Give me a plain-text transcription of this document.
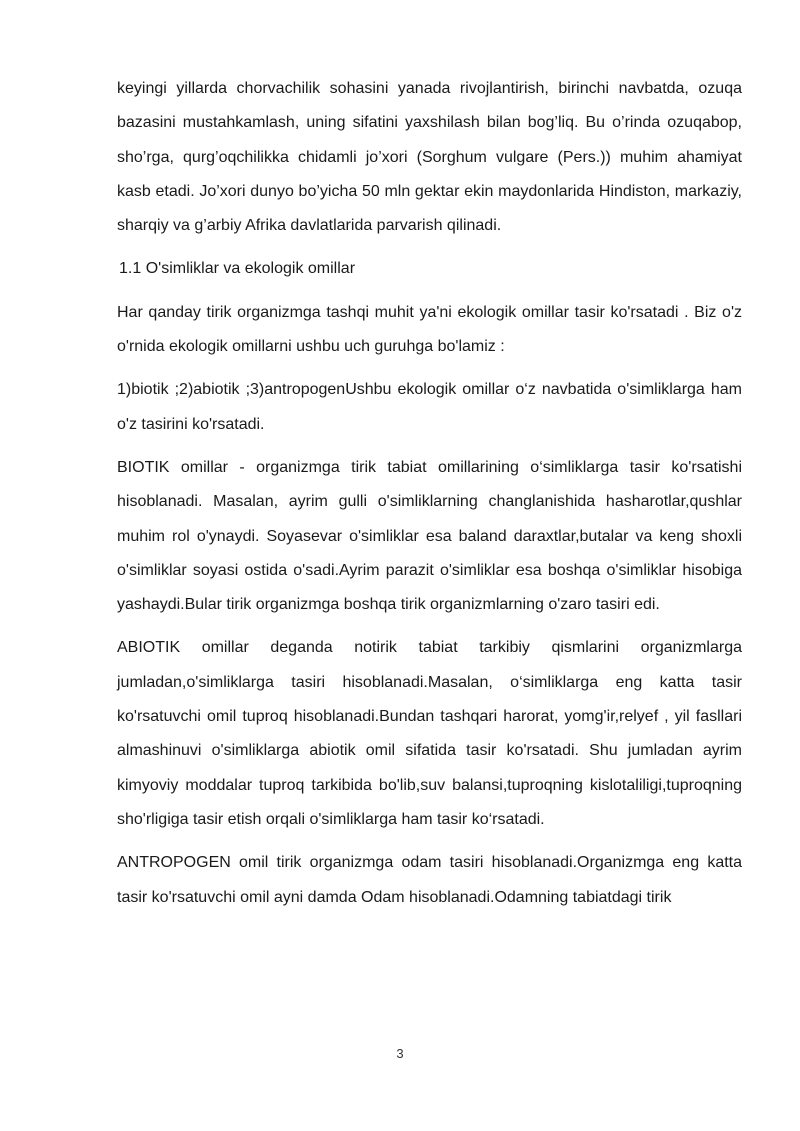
keyingi yillarda chorvachilik sohasini yanada rivojlantirish, birinchi navbatda, ozuqa bazasini mustahkamlash, uning sifatini yaxshilash bilan bog’liq. Bu o’rinda ozuqabop, sho’rga, qurg’oqchilikka chidamli jo’xori (Sorghum vulgare (Pers.)) muhim ahamiyat kasb etadi. Jo’xori dunyo bo’yicha 50 mln gektar ekin maydonlarida Hindiston, markaziy, sharqiy va g’arbiy Afrika davlatlarida parvarish qilinadi.

1.1 O'simliklar va ekologik omillar

Har qanday tirik organizmga tashqi muhit ya'ni ekologik omillar tasir ko'rsatadi . Biz o'z o'rnida ekologik omillarni ushbu uch guruhga bo'lamiz :

1)biotik ;2)abiotik ;3)antropogenUshbu ekologik omillar o‘z navbatida o'simliklarga ham o'z tasirini ko'rsatadi.

BIOTIK omillar - organizmga tirik tabiat omillarining o‘simliklarga tasir ko'rsatishi hisoblanadi. Masalan, ayrim gulli o'simliklarning changlanishida hasharotlar,qushlar muhim rol o'ynaydi. Soyasevar o'simliklar esa baland daraxtlar,butalar va keng shoxli o'simliklar soyasi ostida o'sadi.Ayrim parazit o'simliklar esa boshqa o'simliklar hisobiga yashaydi.Bular tirik organizmga boshqa tirik organizmlarning o'zaro tasiri edi.

ABIOTIK omillar deganda notirik tabiat tarkibiy qismlarini organizmlarga jumladan,o'simliklarga tasiri hisoblanadi.Masalan, o‘simliklarga eng katta tasir ko'rsatuvchi omil tuproq hisoblanadi.Bundan tashqari harorat, yomg'ir,relyef , yil fasllari almashinuvi o'simliklarga abiotik omil sifatida tasir ko'rsatadi. Shu jumladan ayrim kimyoviy moddalar tuproq tarkibida bo'lib,suv balansi,tuproqning kislotaliligi,tuproqning sho'rligiga tasir etish orqali o'simliklarga ham tasir ko‘rsatadi.

ANTROPOGEN omil tirik organizmga odam tasiri hisoblanadi.Organizmga eng katta tasir ko'rsatuvchi omil ayni damda Odam hisoblanadi.Odamning tabiatdagi tirik

3
